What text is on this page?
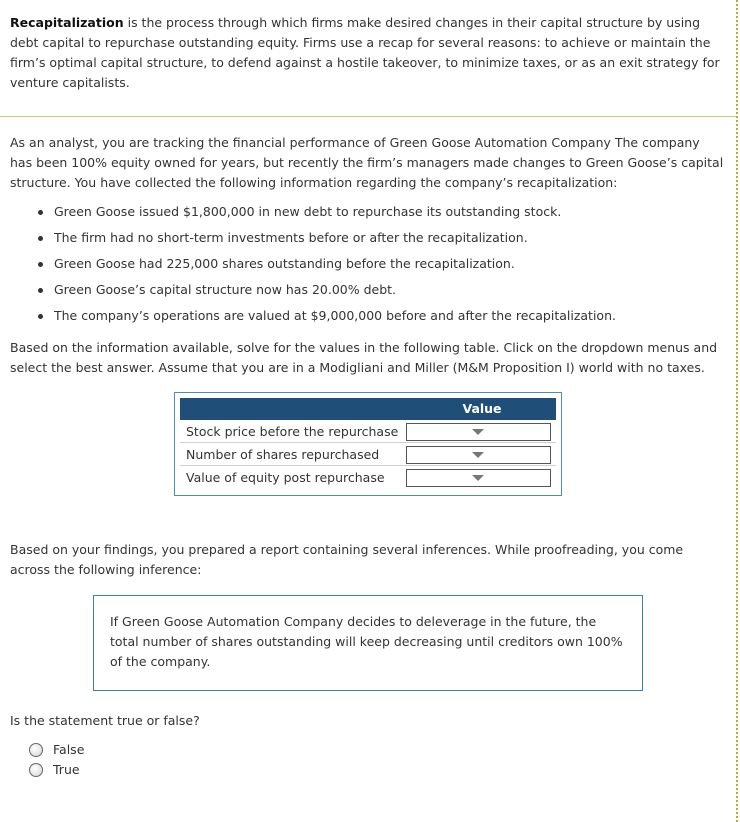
Recapitalization is the process through which firms make desired changes in their capital structure by using debt capital to repurchase outstanding equity. Firms use a recap for several reasons: to achieve or maintain the firm’s optimal capital structure, to defend against a hostile takeover, to minimize taxes, or as an exit strategy for venture capitalists.

As an analyst, you are tracking the financial performance of Green Goose Automation Company The company has been 100% equity owned for years, but recently the firm’s managers made changes to Green Goose’s capital structure. You have collected the following information regarding the company’s recapitalization:

Green Goose issued $1,800,000 in new debt to repurchase its outstanding stock.
The firm had no short-term investments before or after the recapitalization.
Green Goose had 225,000 shares outstanding before the recapitalization.
Green Goose’s capital structure now has 20.00% debt.
The company’s operations are valued at $9,000,000 before and after the recapitalization.

Based on the information available, solve for the values in the following table. Click on the dropdown menus and select the best answer. Assume that you are in a Modigliani and Miller (M&M Proposition I) world with no taxes.

Value
Stock price before the repurchase
Number of shares repurchased
Value of equity post repurchase

Based on your findings, you prepared a report containing several inferences. While proofreading, you come across the following inference:

If Green Goose Automation Company decides to deleverage in the future, the total number of shares outstanding will keep decreasing until creditors own 100% of the company.

Is the statement true or false?

False
True
